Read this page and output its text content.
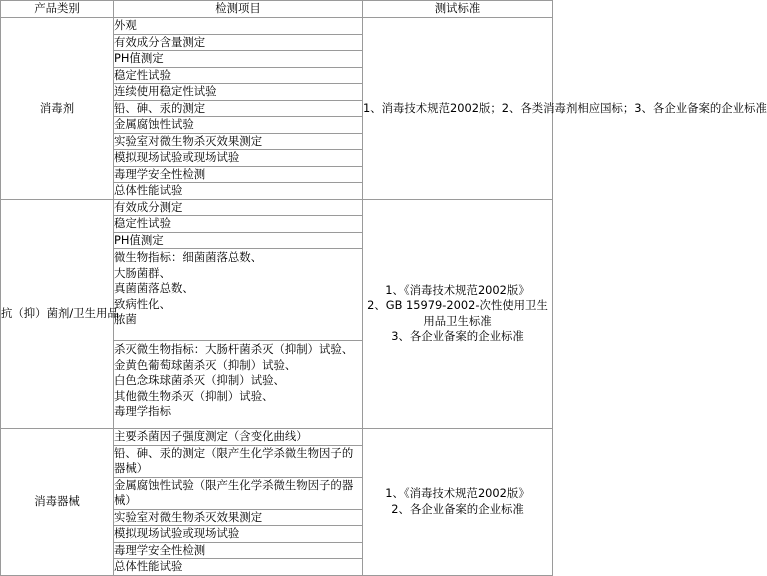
产品类别	检测项目	测试标准
消毒剂	外观	1、消毒技术规范2002版；2、各类消毒剂相应国标；3、各企业备案的企业标准
	有效成分含量测定	
	PH值测定	
	稳定性试验	
	连续使用稳定性试验	
	铅、砷、汞的测定	
	金属腐蚀性试验	
	实验室对微生物杀灭效果测定	
	模拟现场试验或现场试验	
	毒理学安全性检测	
	总体性能试验	
抗（抑）菌剂/卫生用品	有效成分测定	1、《消毒技术规范2002版》
2、GB 15979-2002-次性使用卫生用品卫生标准
3、各企业备案的企业标准
	稳定性试验	
	PH值测定	
	微生物指标：细菌菌落总数、
大肠菌群、
真菌菌落总数、
致病性化、
脓菌	
	杀灭微生物指标：大肠杆菌杀灭（抑制）试验、
金黄色葡萄球菌杀灭（抑制）试验、
白色念珠球菌杀灭（抑制）试验、
其他微生物杀灭（抑制）试验、
毒理学指标	
消毒器械	主要杀菌因子强度测定（含变化曲线）	1、《消毒技术规范2002版》
2、各企业备案的企业标准
	铅、砷、汞的测定（限产生化学杀微生物因子的器械）	
	金属腐蚀性试验（限产生化学杀微生物因子的器械）	
	实验室对微生物杀灭效果测定	
	模拟现场试验或现场试验	
	毒理学安全性检测	
	总体性能试验	
